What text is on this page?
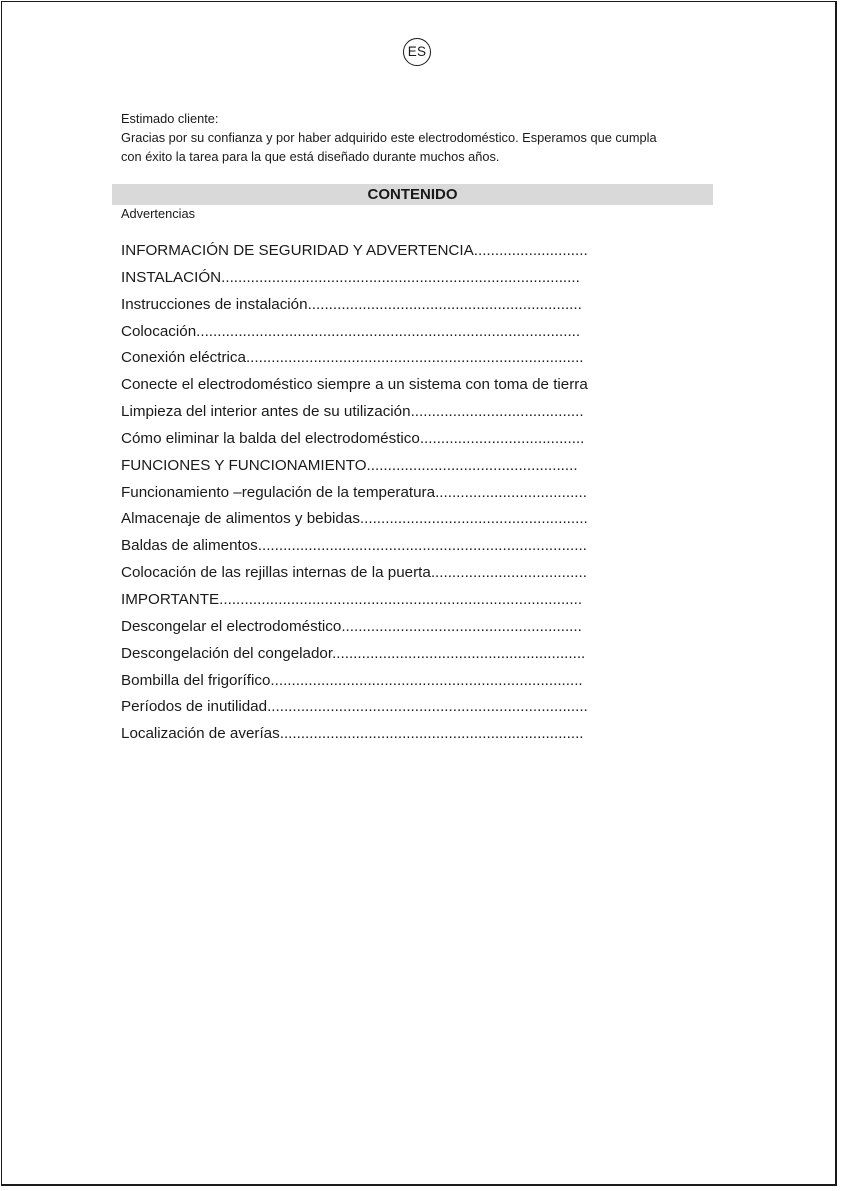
ES

Estimado cliente:

Gracias por su confianza y por haber adquirido este electrodoméstico. Esperamos que cumpla

con éxito la tarea para la que está diseñado durante muchos años.

CONTENIDO
Advertencias
INFORMACIÓN DE SEGURIDAD Y ADVERTENCIA...........................
INSTALACIÓN.....................................................................................
Instrucciones de instalación.................................................................
Colocación...........................................................................................
Conexión eléctrica................................................................................
Conecte el electrodoméstico siempre a un sistema con toma de tierra
Limpieza del interior antes de su utilización.........................................
Cómo eliminar la balda del electrodoméstico.......................................
FUNCIONES Y FUNCIONAMIENTO..................................................
Funcionamiento –regulación de la temperatura....................................
Almacenaje de alimentos y bebidas......................................................
Baldas de alimentos..............................................................................
Colocación de las rejillas internas de la puerta.....................................
IMPORTANTE......................................................................................
Descongelar el electrodoméstico.........................................................
Descongelación del congelador............................................................
Bombilla del frigorífico..........................................................................
Períodos de inutilidad............................................................................
Localización de averías........................................................................
